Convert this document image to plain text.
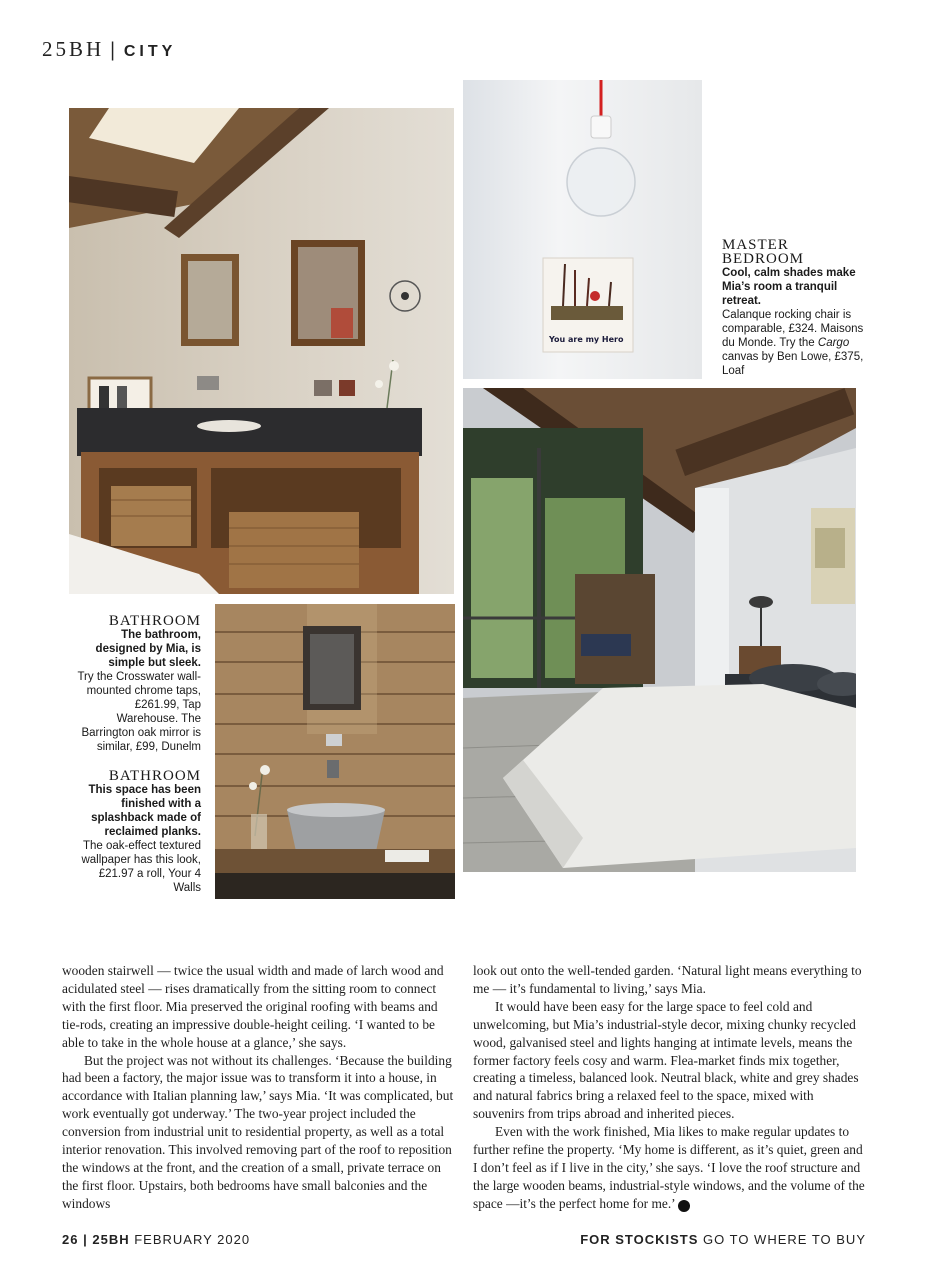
25BH | CITY
You are my Hero
MASTER BEDROOM
Cool, calm shades make Mia’s room a tranquil retreat.
Calanque rocking chair is comparable, £324. Maisons du Monde. Try the Cargo canvas by Ben Lowe, £375, Loaf
BATHROOM
The bathroom, designed by Mia, is simple but sleek.
Try the Crosswater wall-mounted chrome taps, £261.99, Tap Warehouse. The Barrington oak mirror is similar, £99, Dunelm
BATHROOM
This space has been finished with a splashback made of reclaimed planks.
The oak-effect textured wallpaper has this look, £21.97 a roll, Your 4 Walls

wooden stairwell — twice the usual width and made of larch wood and acidulated steel — rises dramatically from the sitting room to connect with the first floor. Mia preserved the original roofing with beams and tie-rods, creating an impressive double-height ceiling. ‘I wanted to be able to take in the whole house at a glance,’ she says.

But the project was not without its challenges. ‘Because the building had been a factory, the major issue was to transform it into a house, in accordance with Italian planning law,’ says Mia. ‘It was complicated, but work eventually got underway.’ The two-year project included the conversion from industrial unit to residential property, as well as a total interior renovation. This involved removing part of the roof to reposition the windows at the front, and the creation of a small, private terrace on the first floor. Upstairs, both bedrooms have small balconies and the windows

look out onto the well-tended garden. ‘Natural light means everything to me — it’s fundamental to living,’ says Mia.

It would have been easy for the large space to feel cold and unwelcoming, but Mia’s industrial-style decor, mixing chunky recycled wood, galvanised steel and lights hanging at intimate levels, means the former factory feels cosy and warm. Flea-market finds mix together, creating a timeless, balanced look. Neutral black, white and grey shades and natural fabrics bring a relaxed feel to the space, mixed with souvenirs from trips abroad and inherited pieces.

Even with the work finished, Mia likes to make regular updates to further refine the property. ‘My home is different, as it’s quiet, green and I don’t feel as if I live in the city,’ she says. ‘I love the roof structure and the large wooden beams, industrial-style windows, and the volume of the space —it’s the perfect home for me.’	25

26 | 25BH FEBRUARY 2020	FOR STOCKISTS GO TO WHERE TO BUY
